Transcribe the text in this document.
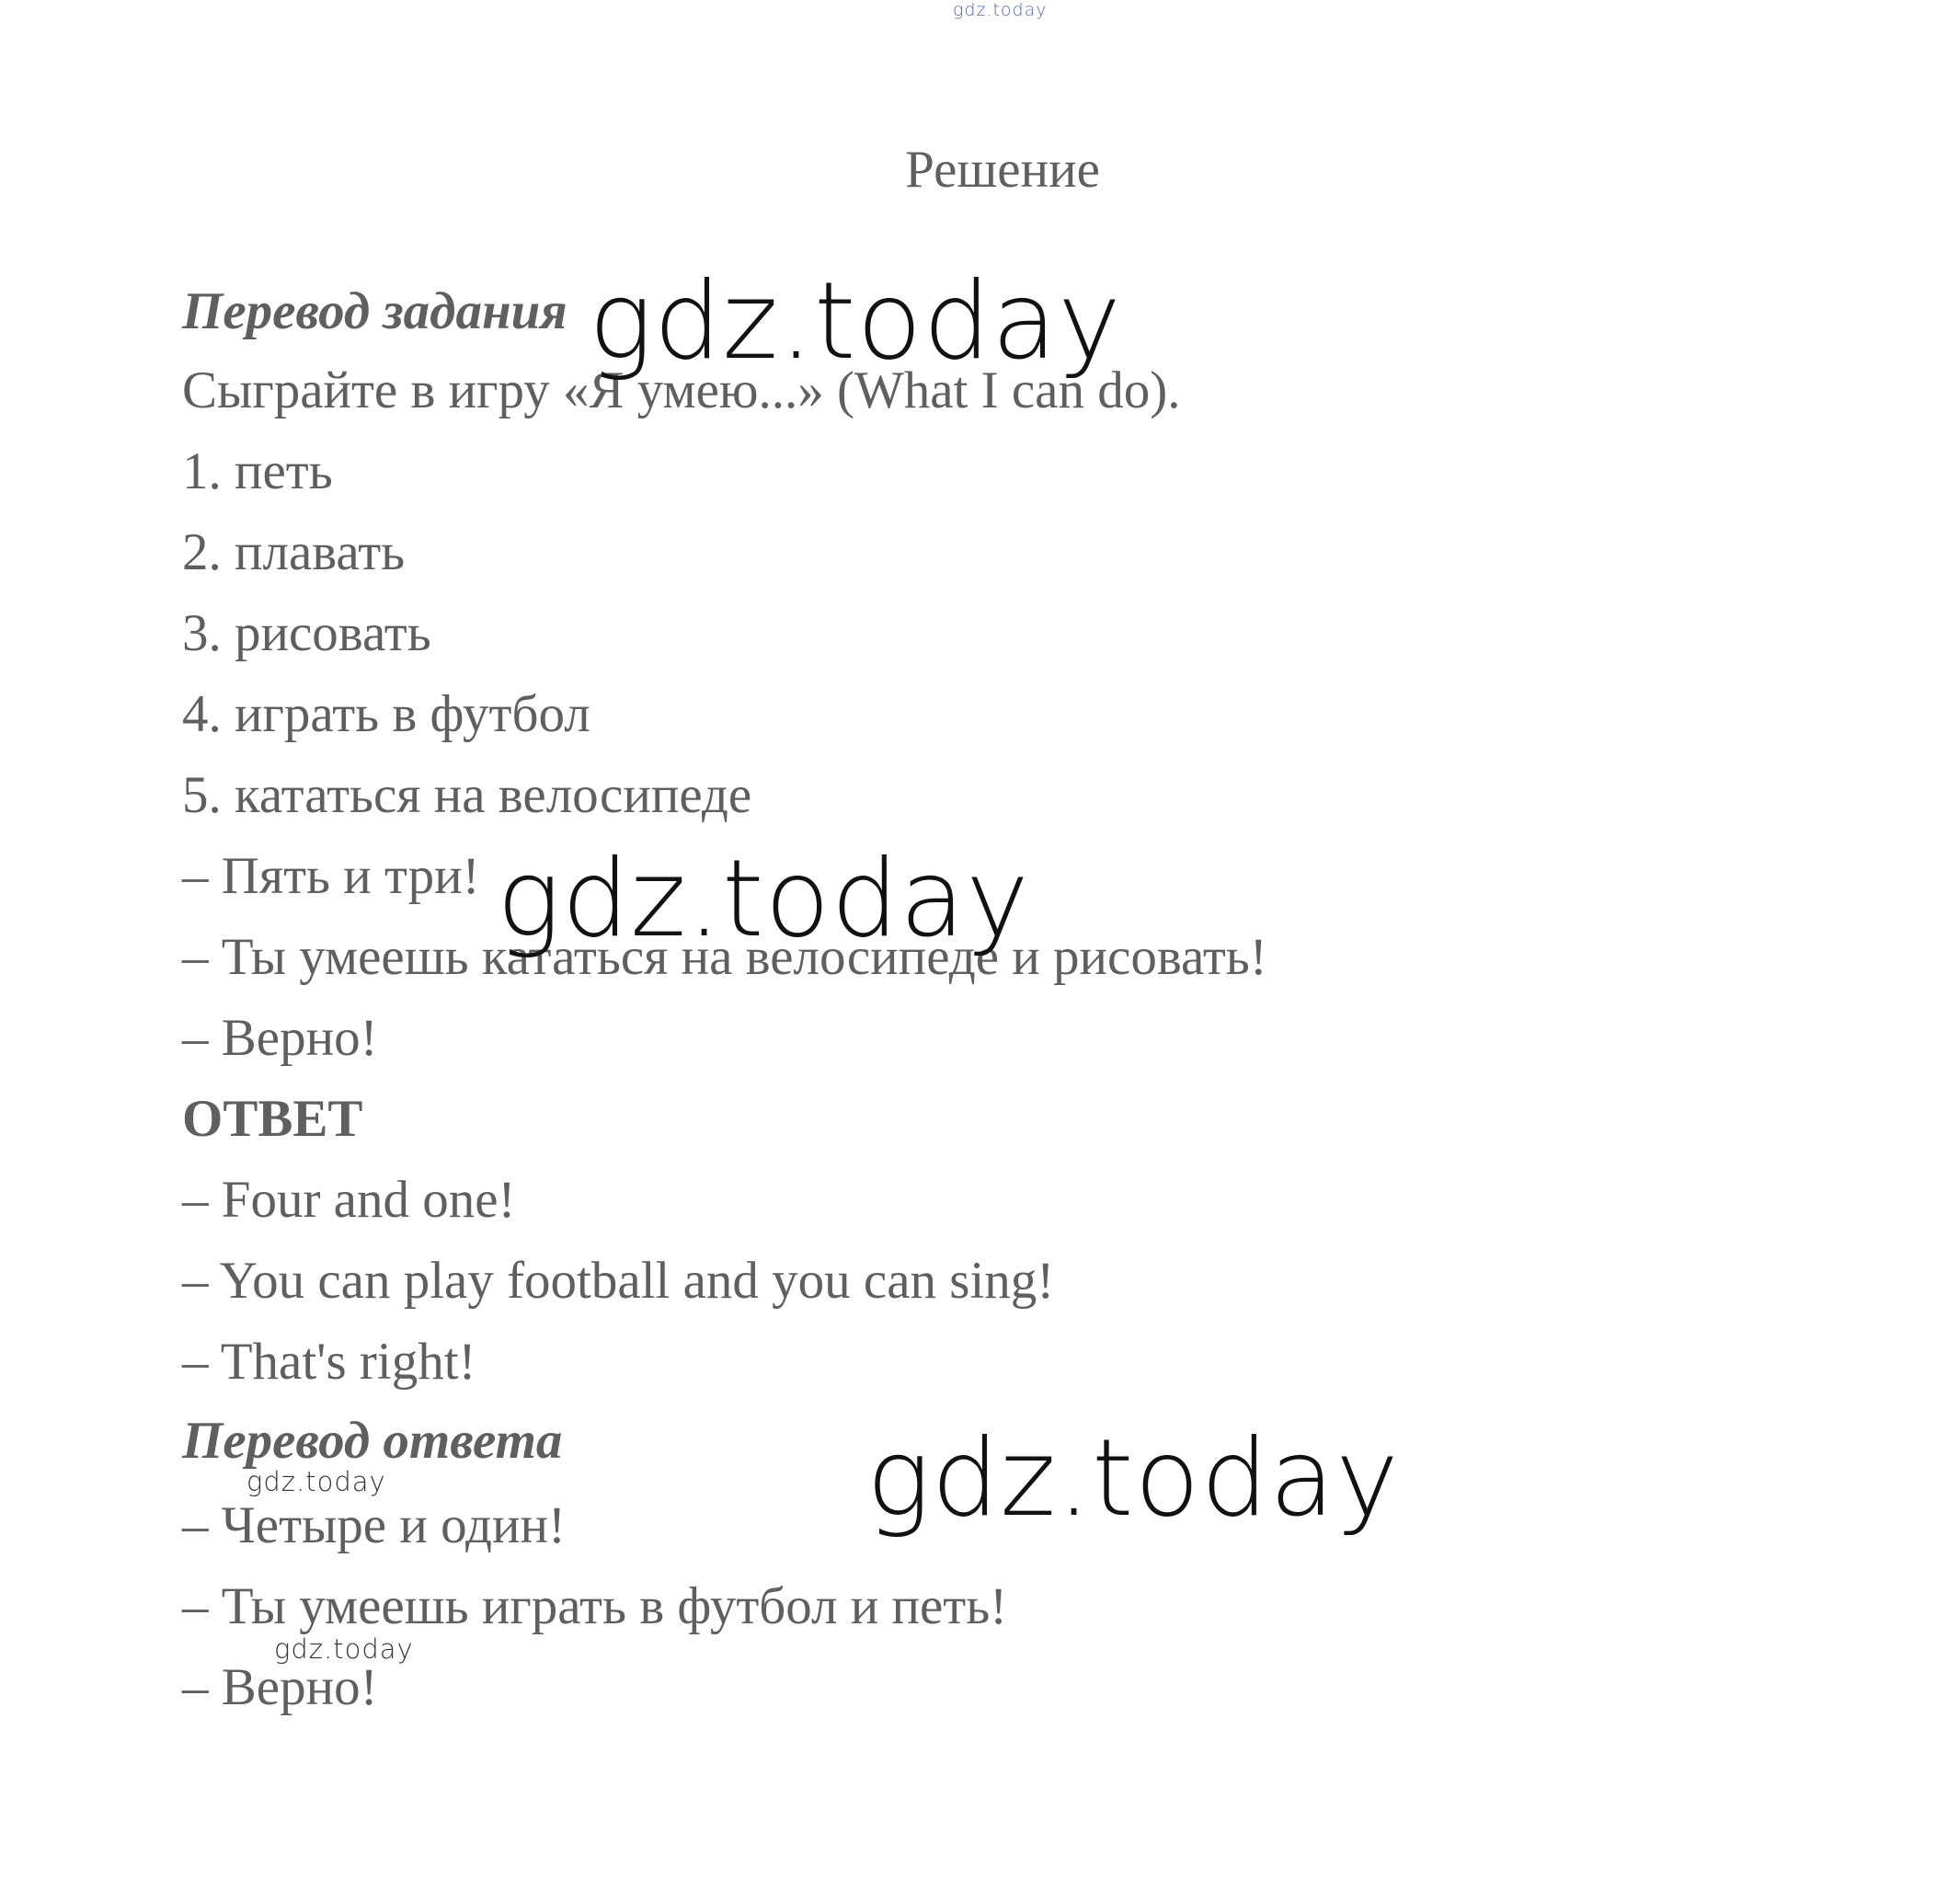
gdz.today
Решение
Перевод задания
Сыграйте в игру «Я умею...» (What I can do).
1. петь
2. плавать
3. рисовать
4. играть в футбол
5. кататься на велосипеде
– Пять и три!
– Ты умеешь кататься на велосипеде и рисовать!
– Верно!
ОТВЕТ
– Four and one!
– You can play football and you can sing!
– That's right!
Перевод ответа
– Четыре и один!
– Ты умеешь играть в футбол и петь!
– Верно!
gdz.today
gdz.today
gdz.today
gdz.today
gdz.today
